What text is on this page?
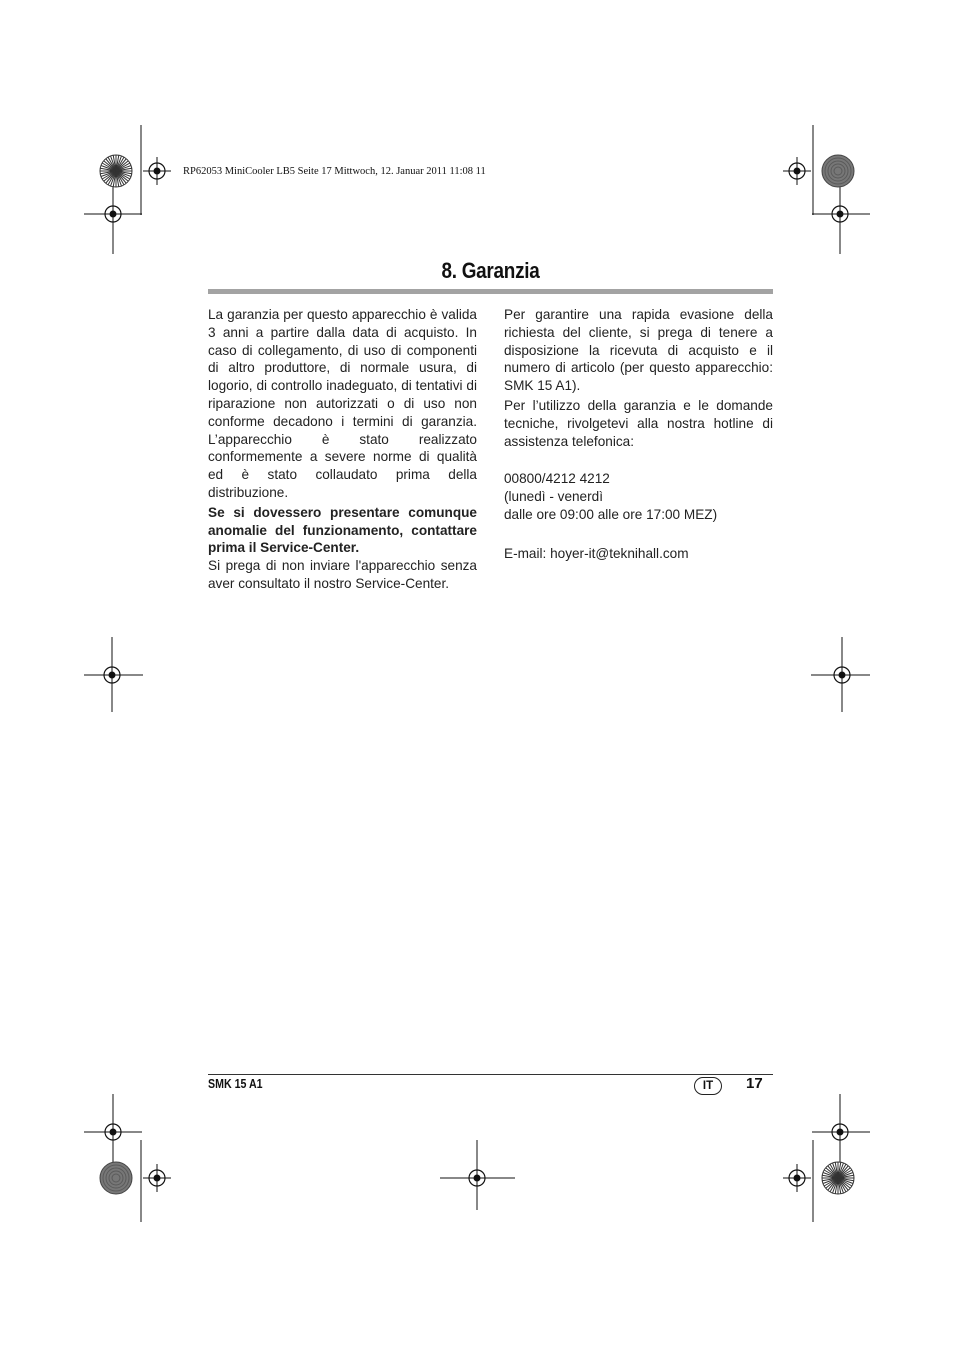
RP62053 MiniCooler LB5 Seite 17 Mittwoch, 12. Januar 2011 11:08 11
8. Garanzia

La garanzia per questo apparecchio è valida 3 anni a partire dalla data di acquisto. In caso di collegamento, di uso di componenti di altro produttore, di normale usura, di logorio, di controllo inadeguato, di tentativi di riparazione non autorizzati o di uso non conforme decadono i termini di garanzia. L’apparecchio è stato realizzato conformemente a severe norme di qualità ed è stato collaudato prima della distribuzione.

Se si dovessero presentare comunque anomalie del funzionamento, contattare prima il Service-Center.

Si prega di non inviare l'apparecchio senza aver consultato il nostro Service-Center.

Per garantire una rapida evasione della richiesta del cliente, si prega di tenere a disposizione la ricevuta di acquisto e il numero di articolo (per questo apparecchio: SMK 15 A1).

Per l’utilizzo della garanzia e le domande tecniche, rivolgetevi alla nostra hotline di assistenza telefonica:

00800/4212 4212

(lunedì - venerdì

dalle ore 09:00 alle ore 17:00 MEZ)

E-mail: hoyer-it@teknihall.com

SMK 15 A1	IT	17
